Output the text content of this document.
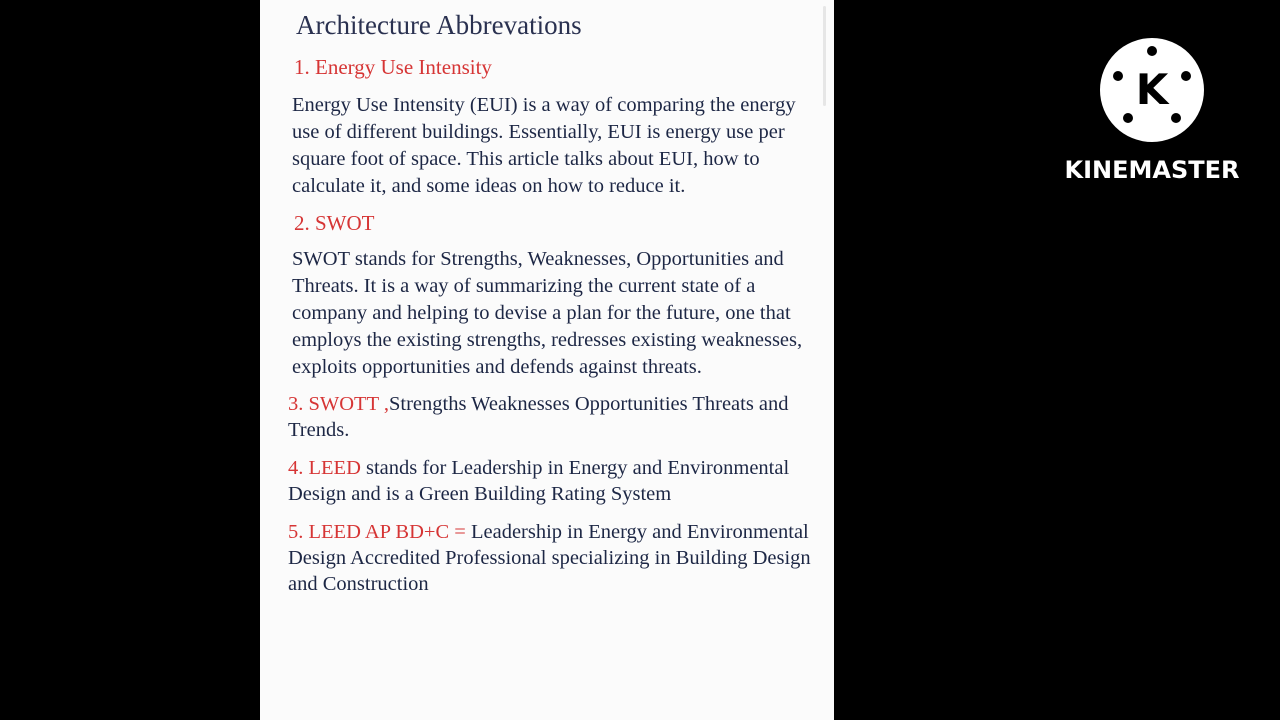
Architecture Abbrevations
1. Energy Use Intensity
Energy Use Intensity (EUI) is a way of comparing the energy use of different buildings. Essentially, EUI is energy use per square foot of space. This article talks about EUI, how to calculate it, and some ideas on how to reduce it.
2. SWOT
SWOT stands for Strengths, Weaknesses, Opportunities and Threats. It is a way of summarizing the current state of a company and helping to devise a plan for the future, one that employs the existing strengths, redresses existing weaknesses, exploits opportunities and defends against threats.
3. SWOTT ,Strengths Weaknesses Opportunities Threats and Trends.
4. LEED stands for Leadership in Energy and Environmental Design and is a Green Building Rating System
5. LEED AP BD+C = Leadership in Energy and Environmental Design Accredited Professional specializing in Building Design and Construction
K
KINEMASTER
